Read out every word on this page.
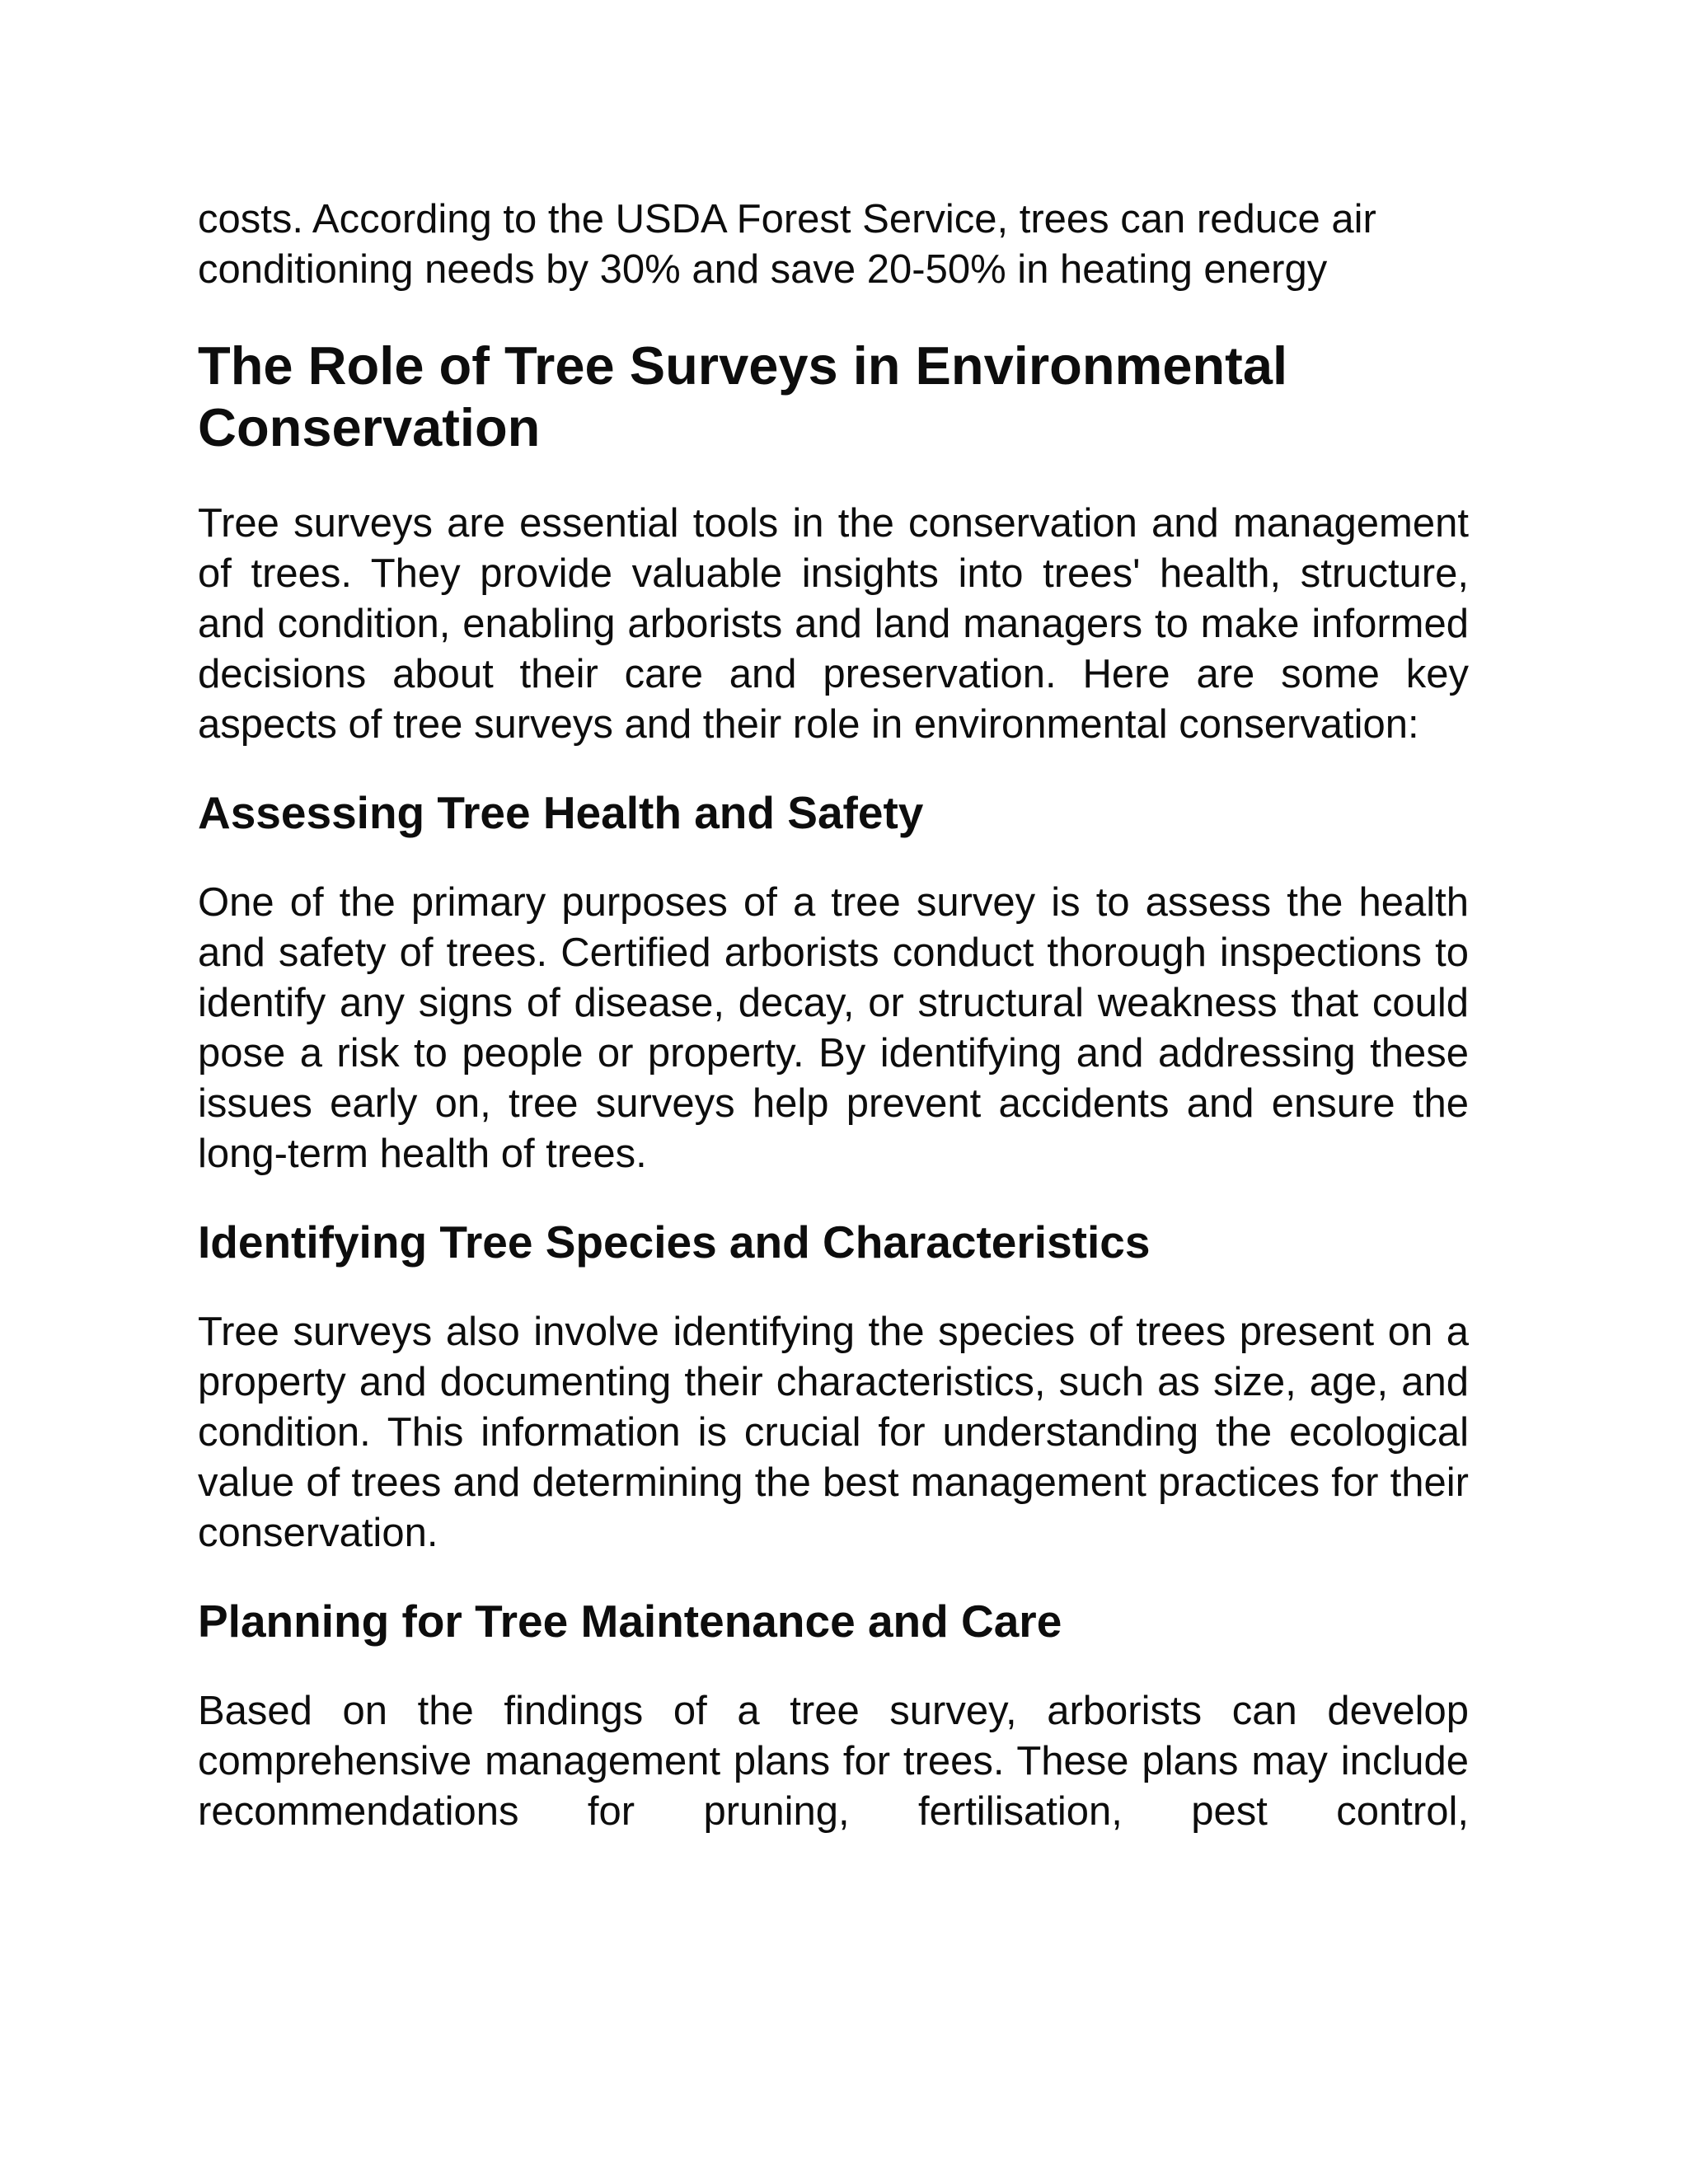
costs. According to the USDA Forest Service, trees can reduce air conditioning needs by 30% and save 20-50% in heating energy

The Role of Tree Surveys in Environmental Conservation

Tree surveys are essential tools in the conservation and management of trees. They provide valuable insights into trees' health, structure, and condition, enabling arborists and land managers to make informed decisions about their care and preservation. Here are some key aspects of tree surveys and their role in environmental conservation:

Assessing Tree Health and Safety

One of the primary purposes of a tree survey is to assess the health and safety of trees. Certified arborists conduct thorough inspections to identify any signs of disease, decay, or structural weakness that could pose a risk to people or property. By identifying and addressing these issues early on, tree surveys help prevent accidents and ensure the long-term health of trees.

Identifying Tree Species and Characteristics

Tree surveys also involve identifying the species of trees present on a property and documenting their characteristics, such as size, age, and condition. This information is crucial for understanding the ecological value of trees and determining the best management practices for their conservation.

Planning for Tree Maintenance and Care

Based on the findings of a tree survey, arborists can develop comprehensive management plans for trees. These plans may include recommendations for pruning, fertilisation, pest control,
